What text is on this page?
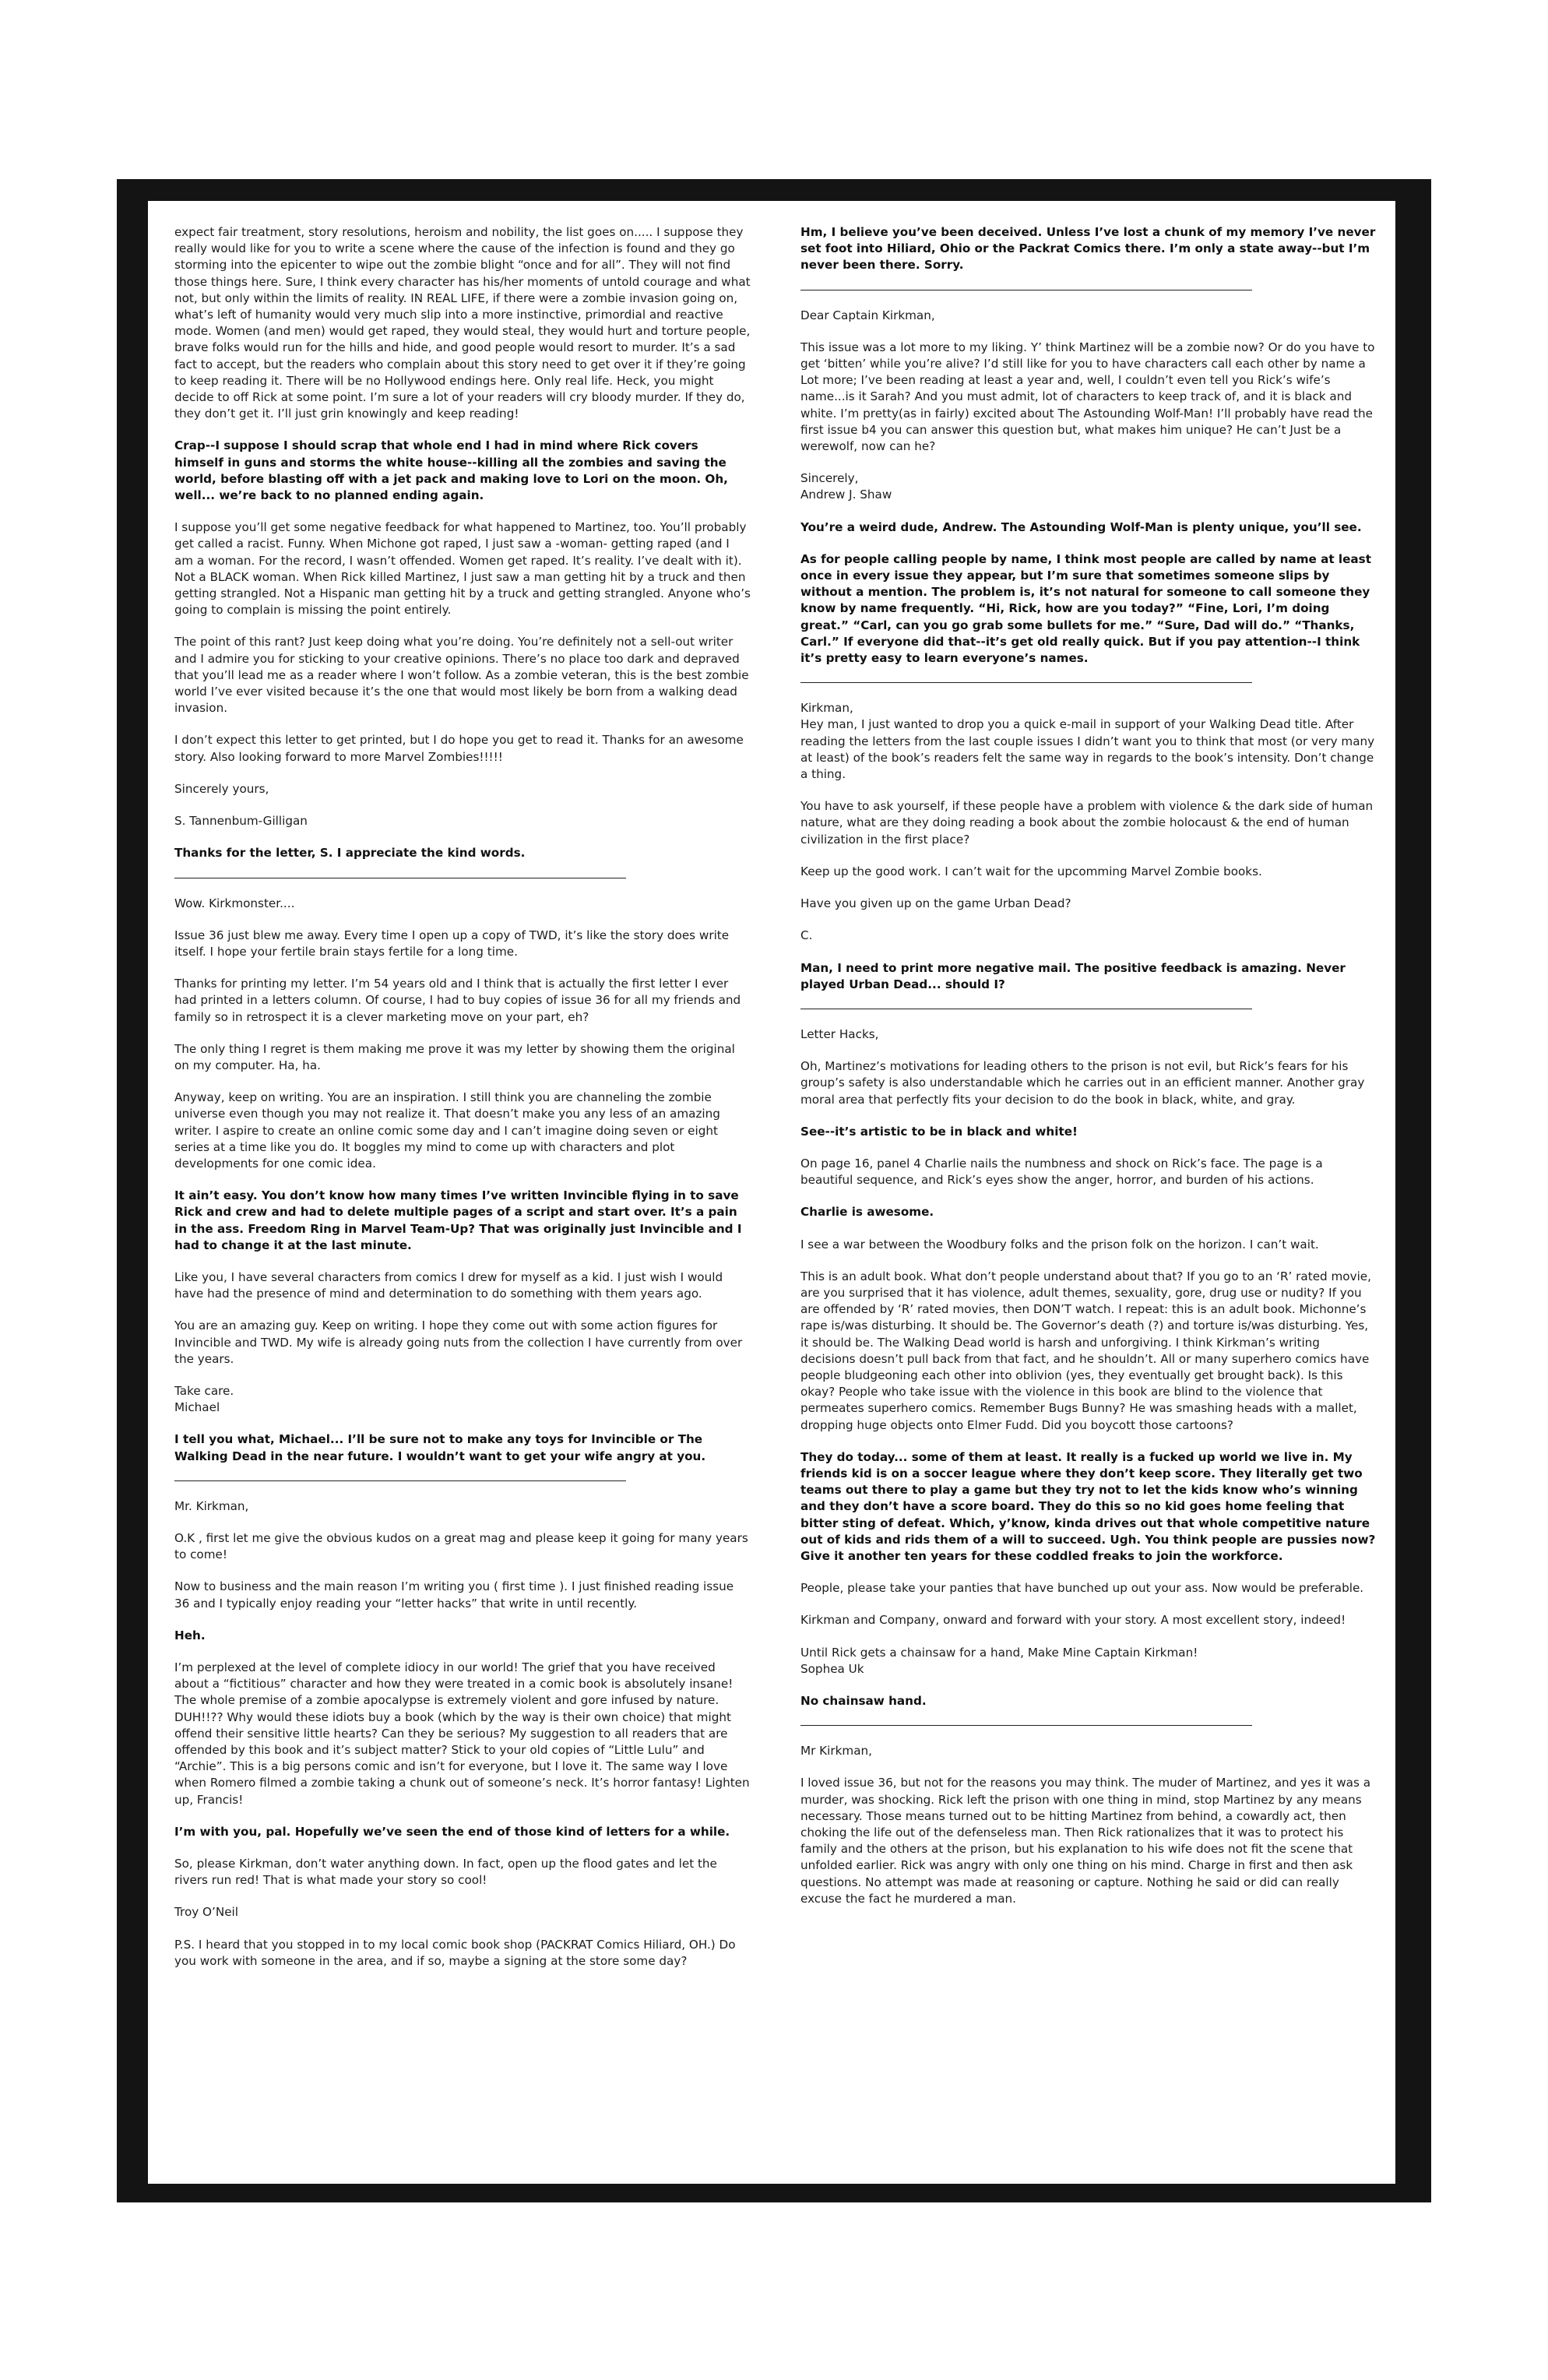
expect fair treatment, story resolutions, heroism and nobility, the list goes on..... I suppose they really would like for you to write a scene where the cause of the infection is found and they go storming into the epicenter to wipe out the zombie blight “once and for all”. They will not find those things here. Sure, I think every character has his/her moments of untold courage and what not, but only within the limits of reality. IN REAL LIFE, if there were a zombie invasion going on, what’s left of humanity would very much slip into a more instinctive, primordial and reactive mode. Women (and men) would get raped, they would steal, they would hurt and torture people, brave folks would run for the hills and hide, and good people would resort to murder. It’s a sad fact to accept, but the readers who complain about this story need to get over it if they’re going to keep reading it. There will be no Hollywood endings here. Only real life. Heck, you might decide to off Rick at some point. I’m sure a lot of your readers will cry bloody murder. If they do, they don’t get it. I’ll just grin knowingly and keep reading!
Crap--I suppose I should scrap that whole end I had in mind where Rick covers himself in guns and storms the white house--killing all the zombies and saving the world, before blasting off with a jet pack and making love to Lori on the moon. Oh, well... we’re back to no planned ending again.
I suppose you’ll get some negative feedback for what happened to Martinez, too. You’ll probably get called a racist. Funny. When Michone got raped, I just saw a -woman- getting raped (and I am a woman. For the record, I wasn’t offended. Women get raped. It’s reality. I’ve dealt with it). Not a BLACK woman. When Rick killed Martinez, I just saw a man getting hit by a truck and then getting strangled. Not a Hispanic man getting hit by a truck and getting strangled. Anyone who’s going to complain is missing the point entirely.
The point of this rant? Just keep doing what you’re doing. You’re definitely not a sell-out writer and I admire you for sticking to your creative opinions. There’s no place too dark and depraved that you’ll lead me as a reader where I won’t follow. As a zombie veteran, this is the best zombie world I’ve ever visited because it’s the one that would most likely be born from a walking dead invasion.
I don’t expect this letter to get printed, but I do hope you get to read it. Thanks for an awesome story. Also looking forward to more Marvel Zombies!!!!!
Sincerely yours,
S. Tannenbum-Gilligan
Thanks for the letter, S. I appreciate the kind words.
Wow. Kirkmonster....
Issue 36 just blew me away. Every time I open up a copy of TWD, it’s like the story does write itself. I hope your fertile brain stays fertile for a long time.
Thanks for printing my letter. I’m 54 years old and I think that is actually the first letter I ever had printed in a letters column. Of course, I had to buy copies of issue 36 for all my friends and family so in retrospect it is a clever marketing move on your part, eh?
The only thing I regret is them making me prove it was my letter by showing them the original on my computer. Ha, ha.
Anyway, keep on writing. You are an inspiration. I still think you are channeling the zombie universe even though you may not realize it. That doesn’t make you any less of an amazing writer. I aspire to create an online comic some day and I can’t imagine doing seven or eight series at a time like you do. It boggles my mind to come up with characters and plot developments for one comic idea.
It ain’t easy. You don’t know how many times I’ve written Invincible flying in to save Rick and crew and had to delete multiple pages of a script and start over. It’s a pain in the ass. Freedom Ring in Marvel Team-Up? That was originally just Invincible and I had to change it at the last minute.
Like you, I have several characters from comics I drew for myself as a kid. I just wish I would have had the presence of mind and determination to do something with them years ago.
You are an amazing guy. Keep on writing. I hope they come out with some action figures for Invincible and TWD. My wife is already going nuts from the collection I have currently from over the years.
Take care.
Michael
I tell you what, Michael... I’ll be sure not to make any toys for Invincible or The Walking Dead in the near future. I wouldn’t want to get your wife angry at you.
Mr. Kirkman,
O.K , first let me give the obvious kudos on a great mag and please keep it going for many years to come!
Now to business and the main reason I’m writing you ( first time ). I just finished reading issue 36 and I typically enjoy reading your “letter hacks” that write in until recently.
Heh.
I’m perplexed at the level of complete idiocy in our world! The grief that you have received about a “fictitious” character and how they were treated in a comic book is absolutely insane! The whole premise of a zombie apocalypse is extremely violent and gore infused by nature. DUH!!?? Why would these idiots buy a book (which by the way is their own choice) that might offend their sensitive little hearts? Can they be serious? My suggestion to all readers that are offended by this book and it’s subject matter? Stick to your old copies of “Little Lulu” and “Archie”. This is a big persons comic and isn’t for everyone, but I love it. The same way I love when Romero filmed a zombie taking a chunk out of someone’s neck. It’s horror fantasy! Lighten up, Francis!
I’m with you, pal. Hopefully we’ve seen the end of those kind of letters for a while.
So, please Kirkman, don’t water anything down. In fact, open up the flood gates and let the rivers run red! That is what made your story so cool!
Troy O’Neil
P.S. I heard that you stopped in to my local comic book shop (PACKRAT Comics Hiliard, OH.) Do you work with someone in the area, and if so, maybe a signing at the store some day?
Hm, I believe you’ve been deceived. Unless I’ve lost a chunk of my memory I’ve never set foot into Hiliard, Ohio or the Packrat Comics there. I’m only a state away--but I’m never been there. Sorry.
Dear Captain Kirkman,
This issue was a lot more to my liking. Y’ think Martinez will be a zombie now? Or do you have to get ‘bitten’ while you’re alive? I’d still like for you to have characters call each other by name a Lot more; I’ve been reading at least a year and, well, I couldn’t even tell you Rick’s wife’s name...is it Sarah? And you must admit, lot of characters to keep track of, and it is black and white. I’m pretty(as in fairly) excited about The Astounding Wolf-Man! I’ll probably have read the first issue b4 you can answer this question but, what makes him unique? He can’t Just be a werewolf, now can he?
Sincerely,
Andrew J. Shaw
You’re a weird dude, Andrew. The Astounding Wolf-Man is plenty unique, you’ll see.
As for people calling people by name, I think most people are called by name at least once in every issue they appear, but I’m sure that sometimes someone slips by without a mention. The problem is, it’s not natural for someone to call someone they know by name frequently. “Hi, Rick, how are you today?” “Fine, Lori, I’m doing great.” “Carl, can you go grab some bullets for me.” “Sure, Dad will do.” “Thanks, Carl.” If everyone did that--it’s get old really quick. But if you pay attention--I think it’s pretty easy to learn everyone’s names.
Kirkman,
Hey man, I just wanted to drop you a quick e-mail in support of your Walking Dead title. After reading the letters from the last couple issues I didn’t want you to think that most (or very many at least) of the book’s readers felt the same way in regards to the book’s intensity. Don’t change a thing.
You have to ask yourself, if these people have a problem with violence & the dark side of human nature, what are they doing reading a book about the zombie holocaust & the end of human civilization in the first place?
Keep up the good work. I can’t wait for the upcomming Marvel Zombie books.
Have you given up on the game Urban Dead?
C.
Man, I need to print more negative mail. The positive feedback is amazing. Never played Urban Dead... should I?
Letter Hacks,
Oh, Martinez’s motivations for leading others to the prison is not evil, but Rick’s fears for his group’s safety is also understandable which he carries out in an efficient manner. Another gray moral area that perfectly fits your decision to do the book in black, white, and gray.
See--it’s artistic to be in black and white!
On page 16, panel 4 Charlie nails the numbness and shock on Rick’s face. The page is a beautiful sequence, and Rick’s eyes show the anger, horror, and burden of his actions.
Charlie is awesome.
I see a war between the Woodbury folks and the prison folk on the horizon. I can’t wait.
This is an adult book. What don’t people understand about that? If you go to an ‘R’ rated movie, are you surprised that it has violence, adult themes, sexuality, gore, drug use or nudity? If you are offended by ‘R’ rated movies, then DON’T watch. I repeat: this is an adult book. Michonne’s rape is/was disturbing. It should be. The Governor’s death (?) and torture is/was disturbing. Yes, it should be. The Walking Dead world is harsh and unforgiving. I think Kirkman’s writing decisions doesn’t pull back from that fact, and he shouldn’t. All or many superhero comics have people bludgeoning each other into oblivion (yes, they eventually get brought back). Is this okay? People who take issue with the violence in this book are blind to the violence that permeates superhero comics. Remember Bugs Bunny? He was smashing heads with a mallet, dropping huge objects onto Elmer Fudd. Did you boycott those cartoons?
They do today... some of them at least. It really is a fucked up world we live in. My friends kid is on a soccer league where they don’t keep score. They literally get two teams out there to play a game but they try not to let the kids know who’s winning and they don’t have a score board. They do this so no kid goes home feeling that bitter sting of defeat. Which, y’know, kinda drives out that whole competitive nature out of kids and rids them of a will to succeed. Ugh. You think people are pussies now? Give it another ten years for these coddled freaks to join the workforce.
People, please take your panties that have bunched up out your ass. Now would be preferable.
Kirkman and Company, onward and forward with your story. A most excellent story, indeed!
Until Rick gets a chainsaw for a hand, Make Mine Captain Kirkman!
Sophea Uk
No chainsaw hand.
Mr Kirkman,
I loved issue 36, but not for the reasons you may think. The muder of Martinez, and yes it was a murder, was shocking. Rick left the prison with one thing in mind, stop Martinez by any means necessary. Those means turned out to be hitting Martinez from behind, a cowardly act, then choking the life out of the defenseless man. Then Rick rationalizes that it was to protect his family and the others at the prison, but his explanation to his wife does not fit the scene that unfolded earlier. Rick was angry with only one thing on his mind. Charge in first and then ask questions. No attempt was made at reasoning or capture. Nothing he said or did can really excuse the fact he murdered a man.
